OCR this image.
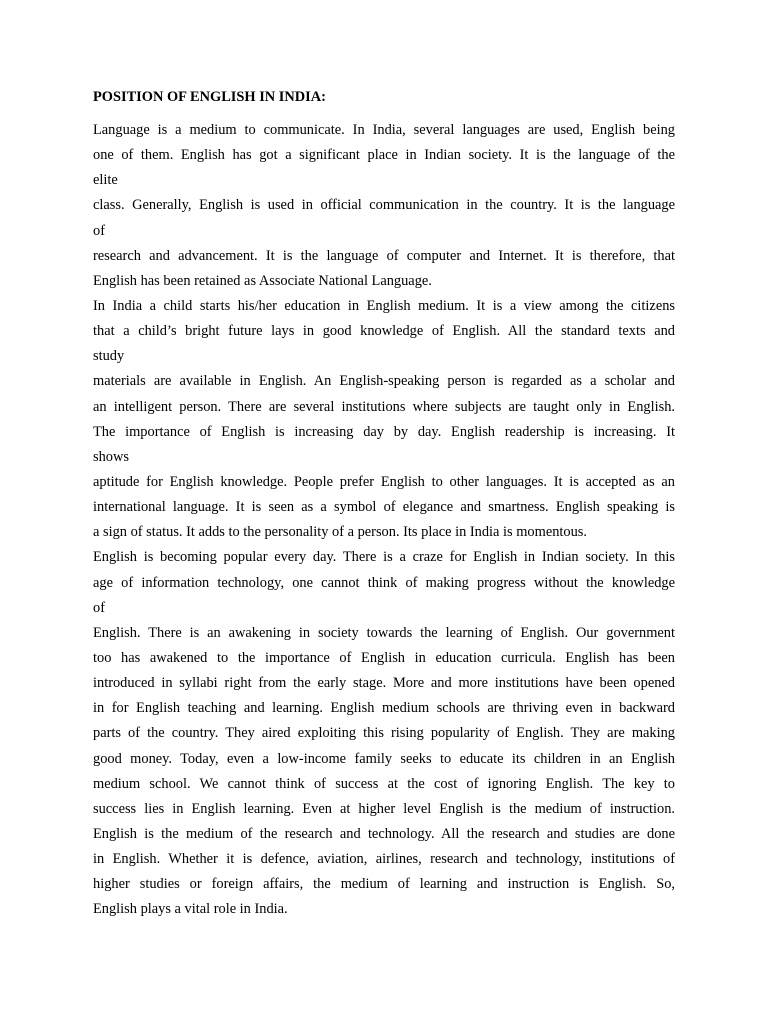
POSITION OF ENGLISH IN INDIA:
Language is a medium to communicate. In India, several languages are used, English being
one of them. English has got a significant place in Indian society. It is the language of the
elite
class. Generally, English is used in official communication in the country. It is the language
of
research and advancement. It is the language of computer and Internet. It is therefore, that
English has been retained as Associate National Language.
In India a child starts his/her education in English medium. It is a view among the citizens
that a child’s bright future lays in good knowledge of English. All the standard texts and
study
materials are available in English. An English-speaking person is regarded as a scholar and
an intelligent person. There are several institutions where subjects are taught only in English.
The importance of English is increasing day by day. English readership is increasing. It
shows
aptitude for English knowledge. People prefer English to other languages. It is accepted as an
international language. It is seen as a symbol of elegance and smartness. English speaking is
a sign of status. It adds to the personality of a person. Its place in India is momentous.
English is becoming popular every day. There is a craze for English in Indian society. In this
age of information technology, one cannot think of making progress without the knowledge
of
English. There is an awakening in society towards the learning of English. Our government
too has awakened to the importance of English in education curricula. English has been
introduced in syllabi right from the early stage. More and more institutions have been opened
in for English teaching and learning. English medium schools are thriving even in backward
parts of the country. They aired exploiting this rising popularity of English. They are making
good money. Today, even a low-income family seeks to educate its children in an English
medium school. We cannot think of success at the cost of ignoring English. The key to
success lies in English learning. Even at higher level English is the medium of instruction.
English is the medium of the research and technology. All the research and studies are done
in English. Whether it is defence, aviation, airlines, research and technology, institutions of
higher studies or foreign affairs, the medium of learning and instruction is English. So,
English plays a vital role in India.
